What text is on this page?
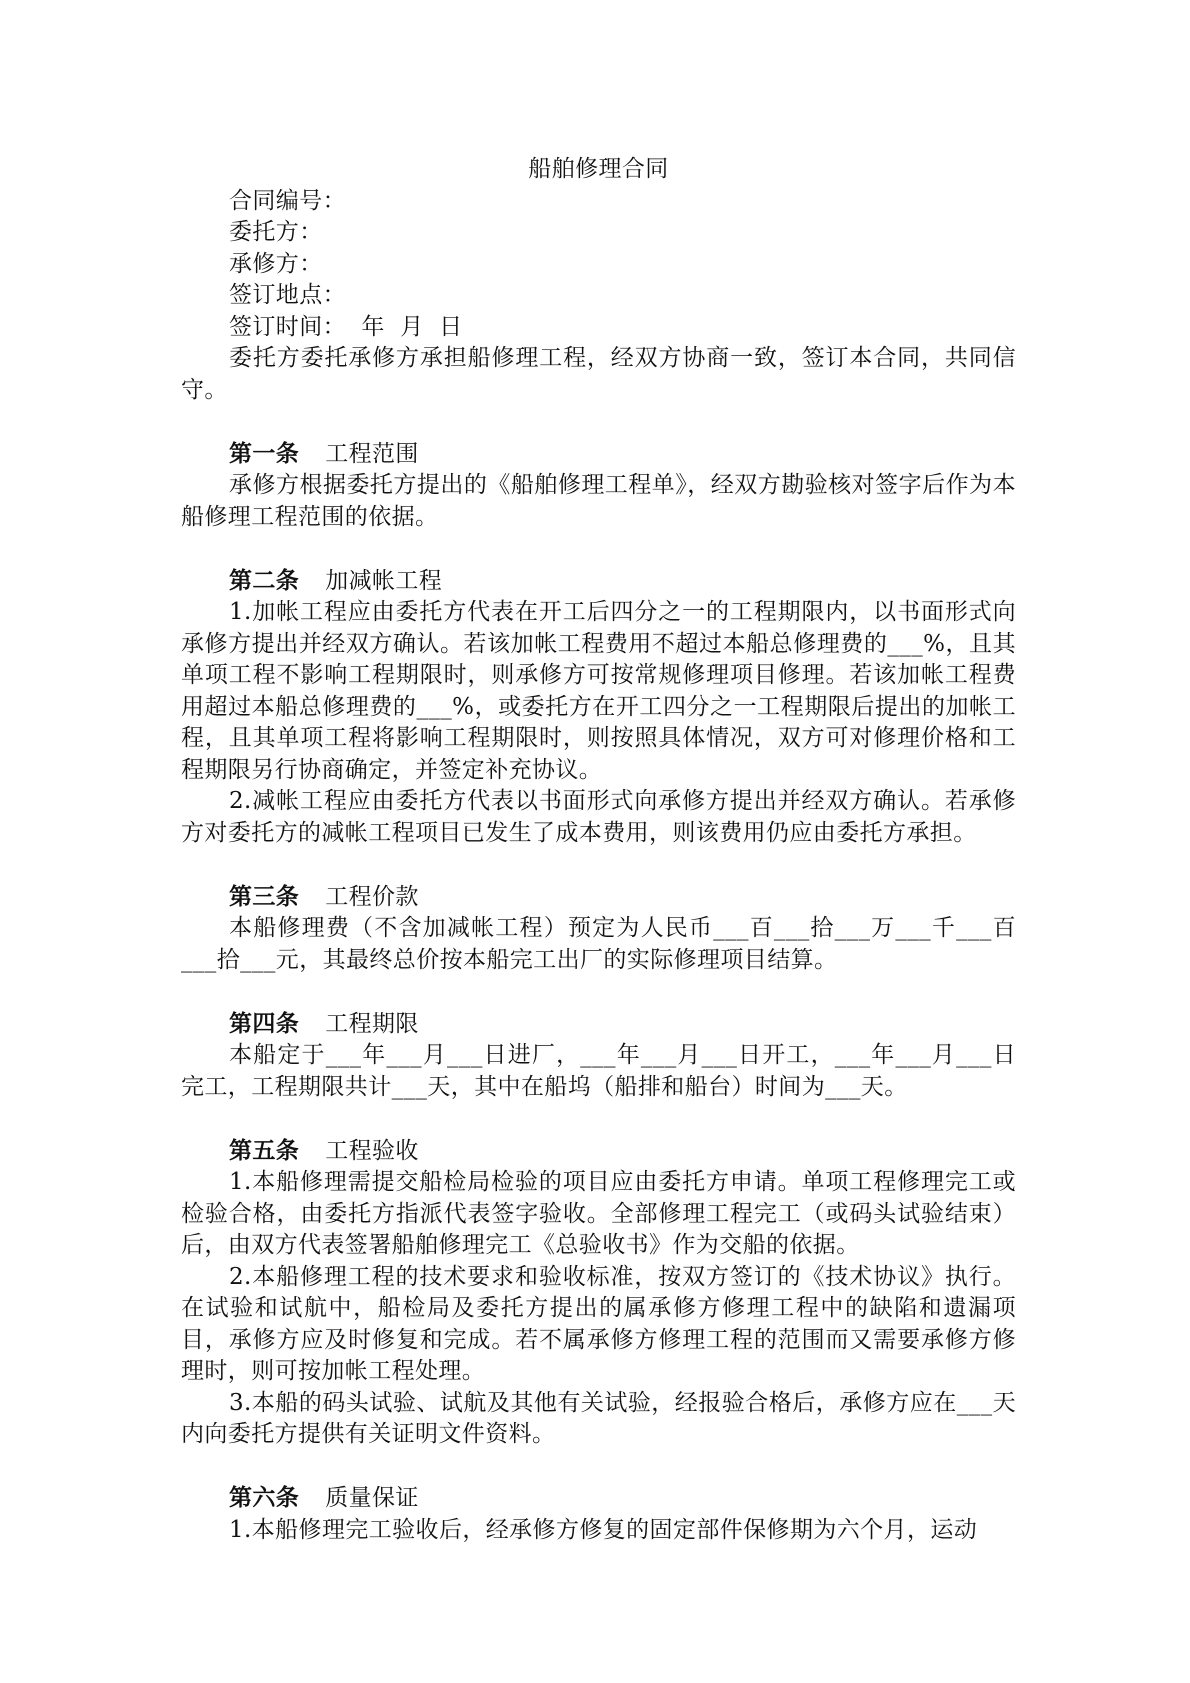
船舶修理合同

合同编号：

委托方：

承修方：

签订地点：

签订时间：  年  月  日

委托方委托承修方承担船修理工程，经双方协商一致，签订本合同，共同信守。

第一条 工程范围

承修方根据委托方提出的《船舶修理工程单》，经双方勘验核对签字后作为本船修理工程范围的依据。

第二条 加减帐工程

1.加帐工程应由委托方代表在开工后四分之一的工程期限内，以书面形式向承修方提出并经双方确认。若该加帐工程费用不超过本船总修理费的___%，且其单项工程不影响工程期限时，则承修方可按常规修理项目修理。若该加帐工程费用超过本船总修理费的___%，或委托方在开工四分之一工程期限后提出的加帐工程，且其单项工程将影响工程期限时，则按照具体情况，双方可对修理价格和工程期限另行协商确定，并签定补充协议。

2.减帐工程应由委托方代表以书面形式向承修方提出并经双方确认。若承修方对委托方的减帐工程项目已发生了成本费用，则该费用仍应由委托方承担。

第三条 工程价款

本船修理费（不含加减帐工程）预定为人民币___百___拾___万___千___百___拾___元，其最终总价按本船完工出厂的实际修理项目结算。

第四条 工程期限

本船定于___年___月___日进厂，___年___月___日开工，___年___月___日完工，工程期限共计___天，其中在船坞（船排和船台）时间为___天。

第五条 工程验收

1.本船修理需提交船检局检验的项目应由委托方申请。单项工程修理完工或检验合格，由委托方指派代表签字验收。全部修理工程完工（或码头试验结束）后，由双方代表签署船舶修理完工《总验收书》作为交船的依据。

2.本船修理工程的技术要求和验收标准，按双方签订的《技术协议》执行。在试验和试航中，船检局及委托方提出的属承修方修理工程中的缺陷和遗漏项目，承修方应及时修复和完成。若不属承修方修理工程的范围而又需要承修方修理时，则可按加帐工程处理。

3.本船的码头试验、试航及其他有关试验，经报验合格后，承修方应在___天内向委托方提供有关证明文件资料。

第六条 质量保证

1.本船修理完工验收后，经承修方修复的固定部件保修期为六个月，运动
